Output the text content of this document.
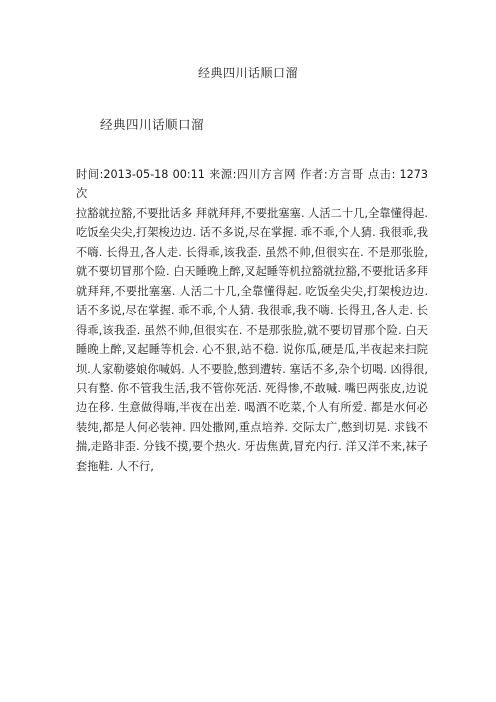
经典四川话顺口溜
经典四川话顺口溜

时间:2013-05-18 00:11 来源:四川方言网 作者:方言哥 点击: 1273 次

拉豁就拉豁,不要批话多 拜就拜拜,不要批塞塞. 人活二十几,全靠懂得起. 吃饭垒尖尖,打架梭边边. 话不多说,尽在掌握. 乖不乖,个人猜. 我很乖,我不嗨. 长得丑,各人走. 长得乖,该我歪. 虽然不帅,但很实在. 不是那张脸,就不要切冒那个险. 白天睡晚上醉,叉起睡等机拉豁就拉豁,不要批话多拜就拜拜,不要批塞塞. 人活二十几,全靠懂得起. 吃饭垒尖尖,打架梭边边. 话不多说,尽在掌握. 乖不乖,个人猜. 我很乖,我不嗨. 长得丑,各人走. 长得乖,该我歪. 虽然不帅,但很实在. 不是那张脸,就不要切冒那个险. 白天睡晚上醉,叉起睡等机会. 心不狠,站不稳. 说你瓜,硬是瓜,半夜起来扫院坝.人家勒婆娘你喊妈. 人不要脸,憋到遭转. 塞话不多,杂个切喝. 凶得很,只有整. 你不管我生活,我不管你死活. 死得惨,不敢喊. 嘴巴两张皮,边说边在移. 生意做得嗨,半夜在出差. 喝酒不吃菜,个人有所爱. 都是水何必装纯,都是人何必装神. 四处撒网,重点培养. 交际太广,憋到切晃. 求钱不揣,走路非歪. 分钱不摸,要个热火. 牙齿焦黄,冒充内行. 洋又洋不来,袜子套拖鞋. 人不行,
